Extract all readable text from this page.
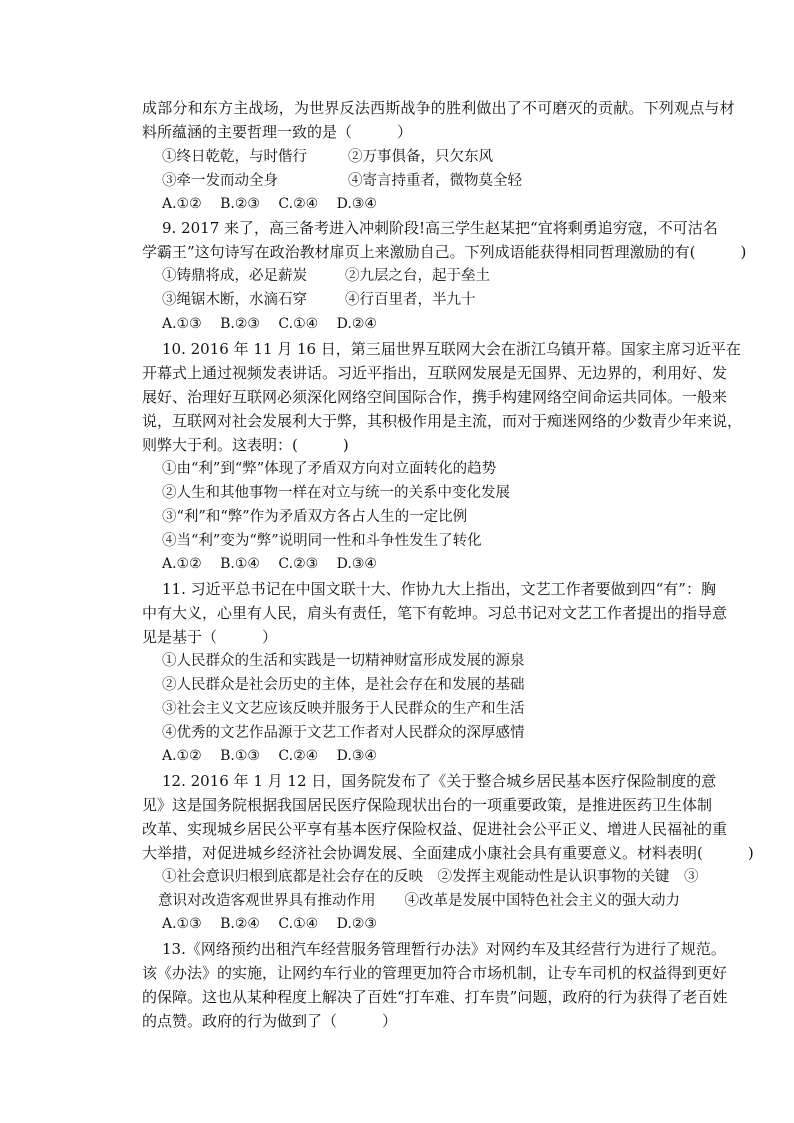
成部分和东方主战场，为世界反法西斯战争的胜利做出了不可磨灭的贡献。下列观点与材
料所蕴涵的主要哲理一致的是（　　　）
①终日乾乾，与时偕行	②万事俱备，只欠东风
③牵一发而动全身	④寄言持重者，微物莫全轻
A.①② B.②③ C.②④ D.③④
9. 2017 来了，高三备考进入冲刺阶段!高三学生赵某把“宜将剩勇追穷寇，不可沽名
学霸王”这句诗写在政治教材扉页上来激励自己。下列成语能获得相同哲理激励的有(　　　)
①铸鼎将成，必足薪炭	②九层之台，起于垒土
③绳锯木断，水滴石穿	④行百里者，半九十
A.①③ B.②③ C.①④ D.②④
10. 2016 年 11 月 16 日，第三届世界互联网大会在浙江乌镇开幕。国家主席习近平在
开幕式上通过视频发表讲话。习近平指出，互联网发展是无国界、无边界的，利用好、发
展好、治理好互联网必须深化网络空间国际合作，携手构建网络空间命运共同体。一般来
说，互联网对社会发展利大于弊，其积极作用是主流，而对于痴迷网络的少数青少年来说，
则弊大于利。这表明：(　　　)
①由“利”到“弊”体现了矛盾双方向对立面转化的趋势
②人生和其他事物一样在对立与统一的关系中变化发展
③“利”和“弊”作为矛盾双方各占人生的一定比例
④当“利”变为“弊”说明同一性和斗争性发生了转化
A.①② B.①④ C.②③ D.③④
11. 习近平总书记在中国文联十大、作协九大上指出，文艺工作者要做到四“有”：胸
中有大义，心里有人民，肩头有责任，笔下有乾坤。习总书记对文艺工作者提出的指导意
见是基于（　　　）
①人民群众的生活和实践是一切精神财富形成发展的源泉
②人民群众是社会历史的主体，是社会存在和发展的基础
③社会主义文艺应该反映并服务于人民群众的生产和生活
④优秀的文艺作品源于文艺工作者对人民群众的深厚感情
A.①② B.①③ C.②④ D.③④
12. 2016 年 1 月 12 日，国务院发布了《关于整合城乡居民基本医疗保险制度的意
见》这是国务院根据我国居民医疗保险现状出台的一项重要政策，是推进医药卫生体制
改革、实现城乡居民公平享有基本医疗保险权益、促进社会公平正义、增进人民福祉的重
大举措，对促进城乡经济社会协调发展、全面建成小康社会具有重要意义。材料表明(　　　)
①社会意识归根到底都是社会存在的反映　②发挥主观能动性是认识事物的关键　③
意识对改造客观世界具有推动作用　　④改革是发展中国特色社会主义的强大动力
A.①③ B.②④ C.①④ D.②③
13.《网络预约出租汽车经营服务管理暂行办法》对网约车及其经营行为进行了规范。
该《办法》的实施，让网约车行业的管理更加符合市场机制，让专车司机的权益得到更好
的保障。这也从某种程度上解决了百姓“打车难、打车贵”问题，政府的行为获得了老百姓
的点赞。政府的行为做到了（　　　）
